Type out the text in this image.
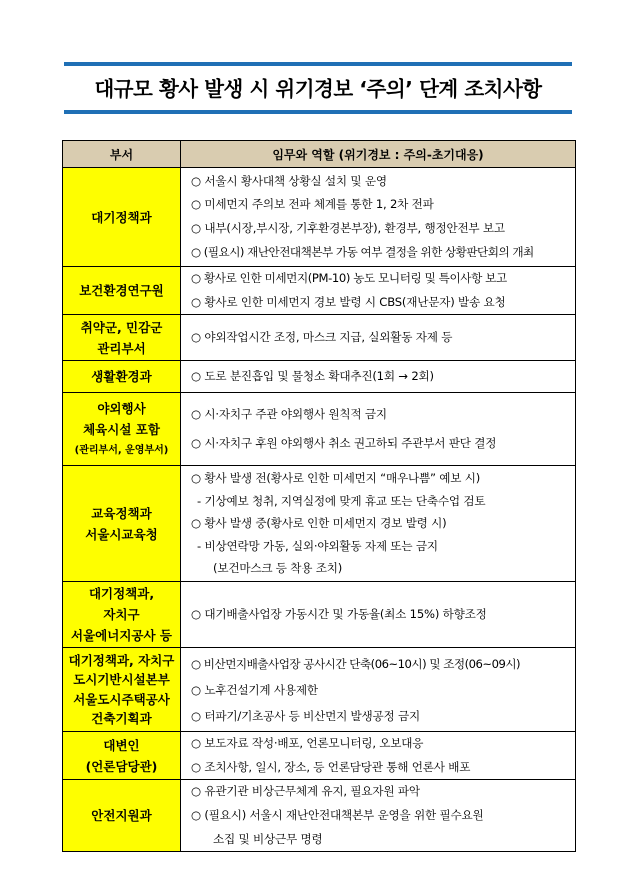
대규모 황사 발생 시 위기경보 ‘주의’ 단계 조치사항
부서	임무와 역할 (위기경보 : 주의-초기대응)

대기정책과	○ 서울시 황사대책 상황실 설치 및 운영
○ 미세먼지 주의보 전파 체계를 통한 1, 2차 전파
○ 내부(시장,부시장, 기후환경본부장), 환경부, 행정안전부 보고
○ (필요시) 재난안전대책본부 가동 여부 결정을 위한 상황판단회의 개최

보건환경연구원	○ 황사로 인한 미세먼지(PM-10) 농도 모니터링 및 특이사항 보고
○ 황사로 인한 미세먼지 경보 발령 시 CBS(재난문자) 발송 요청

취약군, 민감군
관리부서	○ 야외작업시간 조정, 마스크 지급, 실외활동 자제 등

생활환경과	○ 도로 분진흡입 및 물청소 확대추진(1회 → 2회)

야외행사
체육시설 포함
(관리부서, 운영부서)	○ 시·자치구 주관 야외행사 원칙적 금지
○ 시·자치구 후원 야외행사 취소 권고하되 주관부서 판단 결정

교육정책과
서울시교육청	○ 황사 발생 전(황사로 인한 미세먼지 “매우나쁨” 예보 시)
- 기상예보 청취, 지역실정에 맞게 휴교 또는 단축수업 검토
○ 황사 발생 중(황사로 인한 미세먼지 경보 발령 시)
- 비상연락망 가동, 실외·야외활동 자제 또는 금지
(보건마스크 등 착용 조치)

대기정책과,
자치구
서울에너지공사 등	○ 대기배출사업장 가동시간 및 가동율(최소 15%) 하향조정

대기정책과, 자치구
도시기반시설본부
서울도시주택공사
건축기획과	○ 비산먼지배출사업장 공사시간 단축(06~10시) 및 조정(06~09시)
○ 노후건설기계 사용제한
○ 터파기/기초공사 등 비산먼지 발생공정 금지

대변인
(언론담당관)	○ 보도자료 작성·배포, 언론모니터링, 오보대응
○ 조치사항, 일시, 장소, 등 언론담당관 통해 언론사 배포

안전지원과	○ 유관기관 비상근무체계 유지, 필요자원 파악
○ (필요시) 서울시 재난안전대책본부 운영을 위한 필수요원
소집 및 비상근무 명령
